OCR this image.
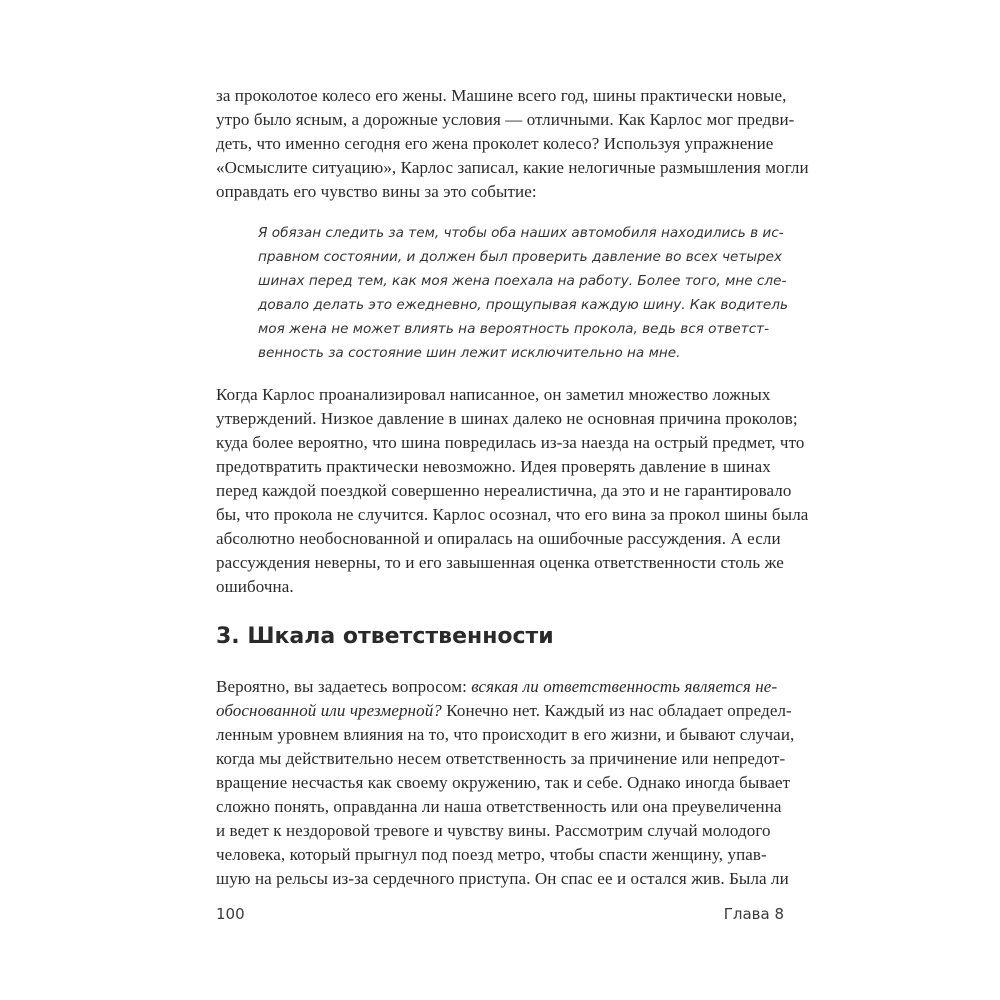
за проколотое колесо его жены. Машине всего год, шины практически новые,
утро было ясным, а дорожные условия — отличными. Как Карлос мог предви-
деть, что именно сегодня его жена проколет колесо? Используя упражнение
«Осмыслите ситуацию», Карлос записал, какие нелогичные размышления могли
оправдать его чувство вины за это событие:
Я обязан следить за тем, чтобы оба наших автомобиля находились в ис-
правном состоянии, и должен был проверить давление во всех четырех
шинах перед тем, как моя жена поехала на работу. Более того, мне сле-
довало делать это ежедневно, прощупывая каждую шину. Как водитель
моя жена не может влиять на вероятность прокола, ведь вся ответст-
венность за состояние шин лежит исключительно на мне.
Когда Карлос проанализировал написанное, он заметил множество ложных
утверждений. Низкое давление в шинах далеко не основная причина проколов;
куда более вероятно, что шина повредилась из-за наезда на острый предмет, что
предотвратить практически невозможно. Идея проверять давление в шинах
перед каждой поездкой совершенно нереалистична, да это и не гарантировало
бы, что прокола не случится. Карлос осознал, что его вина за прокол шины была
абсолютно необоснованной и опиралась на ошибочные рассуждения. А если
рассуждения неверны, то и его завышенная оценка ответственности столь же
ошибочна.
3. Шкала ответственности
Вероятно, вы задаетесь вопросом: всякая ли ответственность является не-
обоснованной или чрезмерной? Конечно нет. Каждый из нас обладает определ-
ленным уровнем влияния на то, что происходит в его жизни, и бывают случаи,
когда мы действительно несем ответственность за причинение или непредот-
вращение несчастья как своему окружению, так и себе. Однако иногда бывает
сложно понять, оправданна ли наша ответственность или она преувеличенна
и ведет к нездоровой тревоге и чувству вины. Рассмотрим случай молодого
человека, который прыгнул под поезд метро, чтобы спасти женщину, упав-
шую на рельсы из-за сердечного приступа. Он спас ее и остался жив. Была ли
100	Глава 8
